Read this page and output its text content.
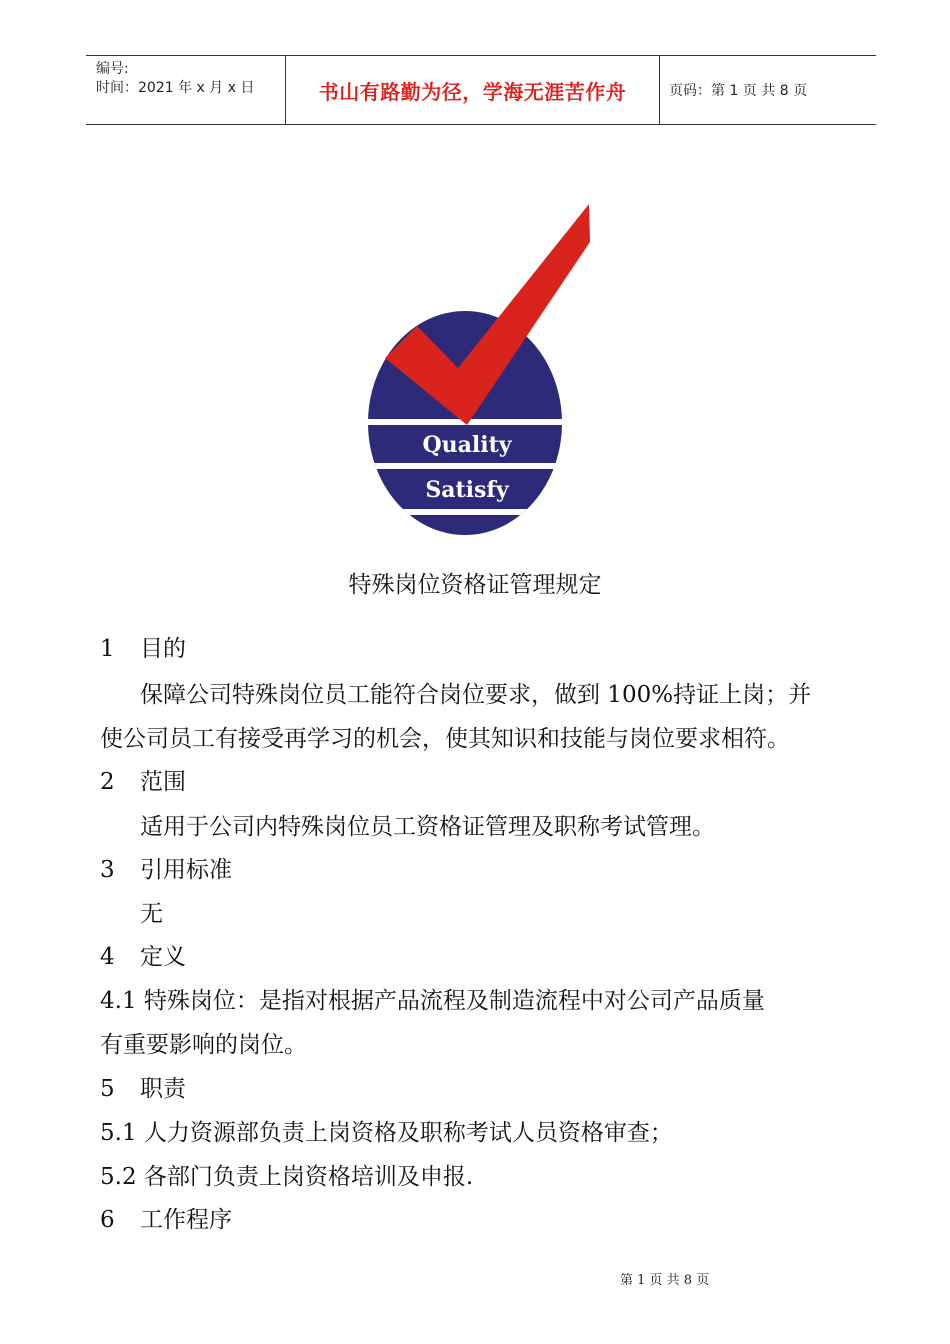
编号:
时间：2021 年 x 月 x 日	书山有路勤为径，学海无涯苦作舟	页码：第 1 页 共 8 页
Quality
Satisfy
特殊岗位资格证管理规定
1 目的
保障公司特殊岗位员工能符合岗位要求，做到 100%持证上岗；并
使公司员工有接受再学习的机会，使其知识和技能与岗位要求相符。
2 范围
适用于公司内特殊岗位员工资格证管理及职称考试管理。
3 引用标准
无
4 定义
4.1 特殊岗位：是指对根据产品流程及制造流程中对公司产品质量
有重要影响的岗位。
5 职责
5.1 人力资源部负责上岗资格及职称考试人员资格审查；
5.2 各部门负责上岗资格培训及申报.
6 工作程序
第 1 页 共 8 页
